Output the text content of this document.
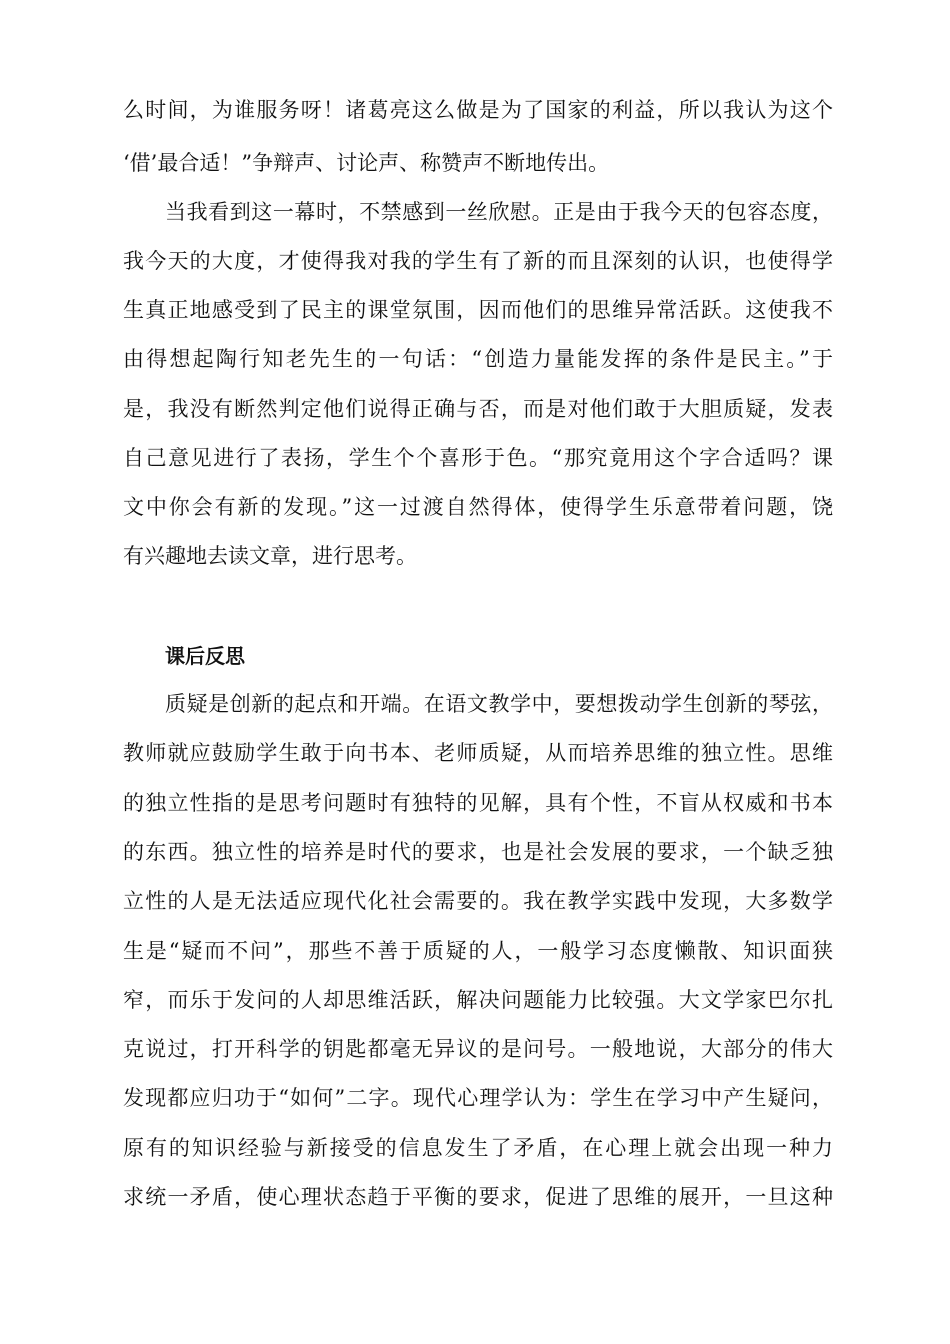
么时间，为谁服务呀！诸葛亮这么做是为了国家的利益，所以我认为这个
‘借’最合适！”争辩声、讨论声、称赞声不断地传出。
当我看到这一幕时，不禁感到一丝欣慰。正是由于我今天的包容态度，
我今天的大度，才使得我对我的学生有了新的而且深刻的认识，也使得学
生真正地感受到了民主的课堂氛围，因而他们的思维异常活跃。这使我不
由得想起陶行知老先生的一句话：“创造力量能发挥的条件是民主。”于
是，我没有断然判定他们说得正确与否，而是对他们敢于大胆质疑，发表
自己意见进行了表扬，学生个个喜形于色。“那究竟用这个字合适吗？课
文中你会有新的发现。”这一过渡自然得体，使得学生乐意带着问题，饶
有兴趣地去读文章，进行思考。
课后反思
质疑是创新的起点和开端。在语文教学中，要想拨动学生创新的琴弦，
教师就应鼓励学生敢于向书本、老师质疑，从而培养思维的独立性。思维
的独立性指的是思考问题时有独特的见解，具有个性，不盲从权威和书本
的东西。独立性的培养是时代的要求，也是社会发展的要求，一个缺乏独
立性的人是无法适应现代化社会需要的。我在教学实践中发现，大多数学
生是“疑而不问”，那些不善于质疑的人，一般学习态度懒散、知识面狭
窄，而乐于发问的人却思维活跃，解决问题能力比较强。大文学家巴尔扎
克说过，打开科学的钥匙都毫无异议的是问号。一般地说，大部分的伟大
发现都应归功于“如何”二字。现代心理学认为：学生在学习中产生疑问，
原有的知识经验与新接受的信息发生了矛盾，在心理上就会出现一种力
求统一矛盾，使心理状态趋于平衡的要求，促进了思维的展开，一旦这种
